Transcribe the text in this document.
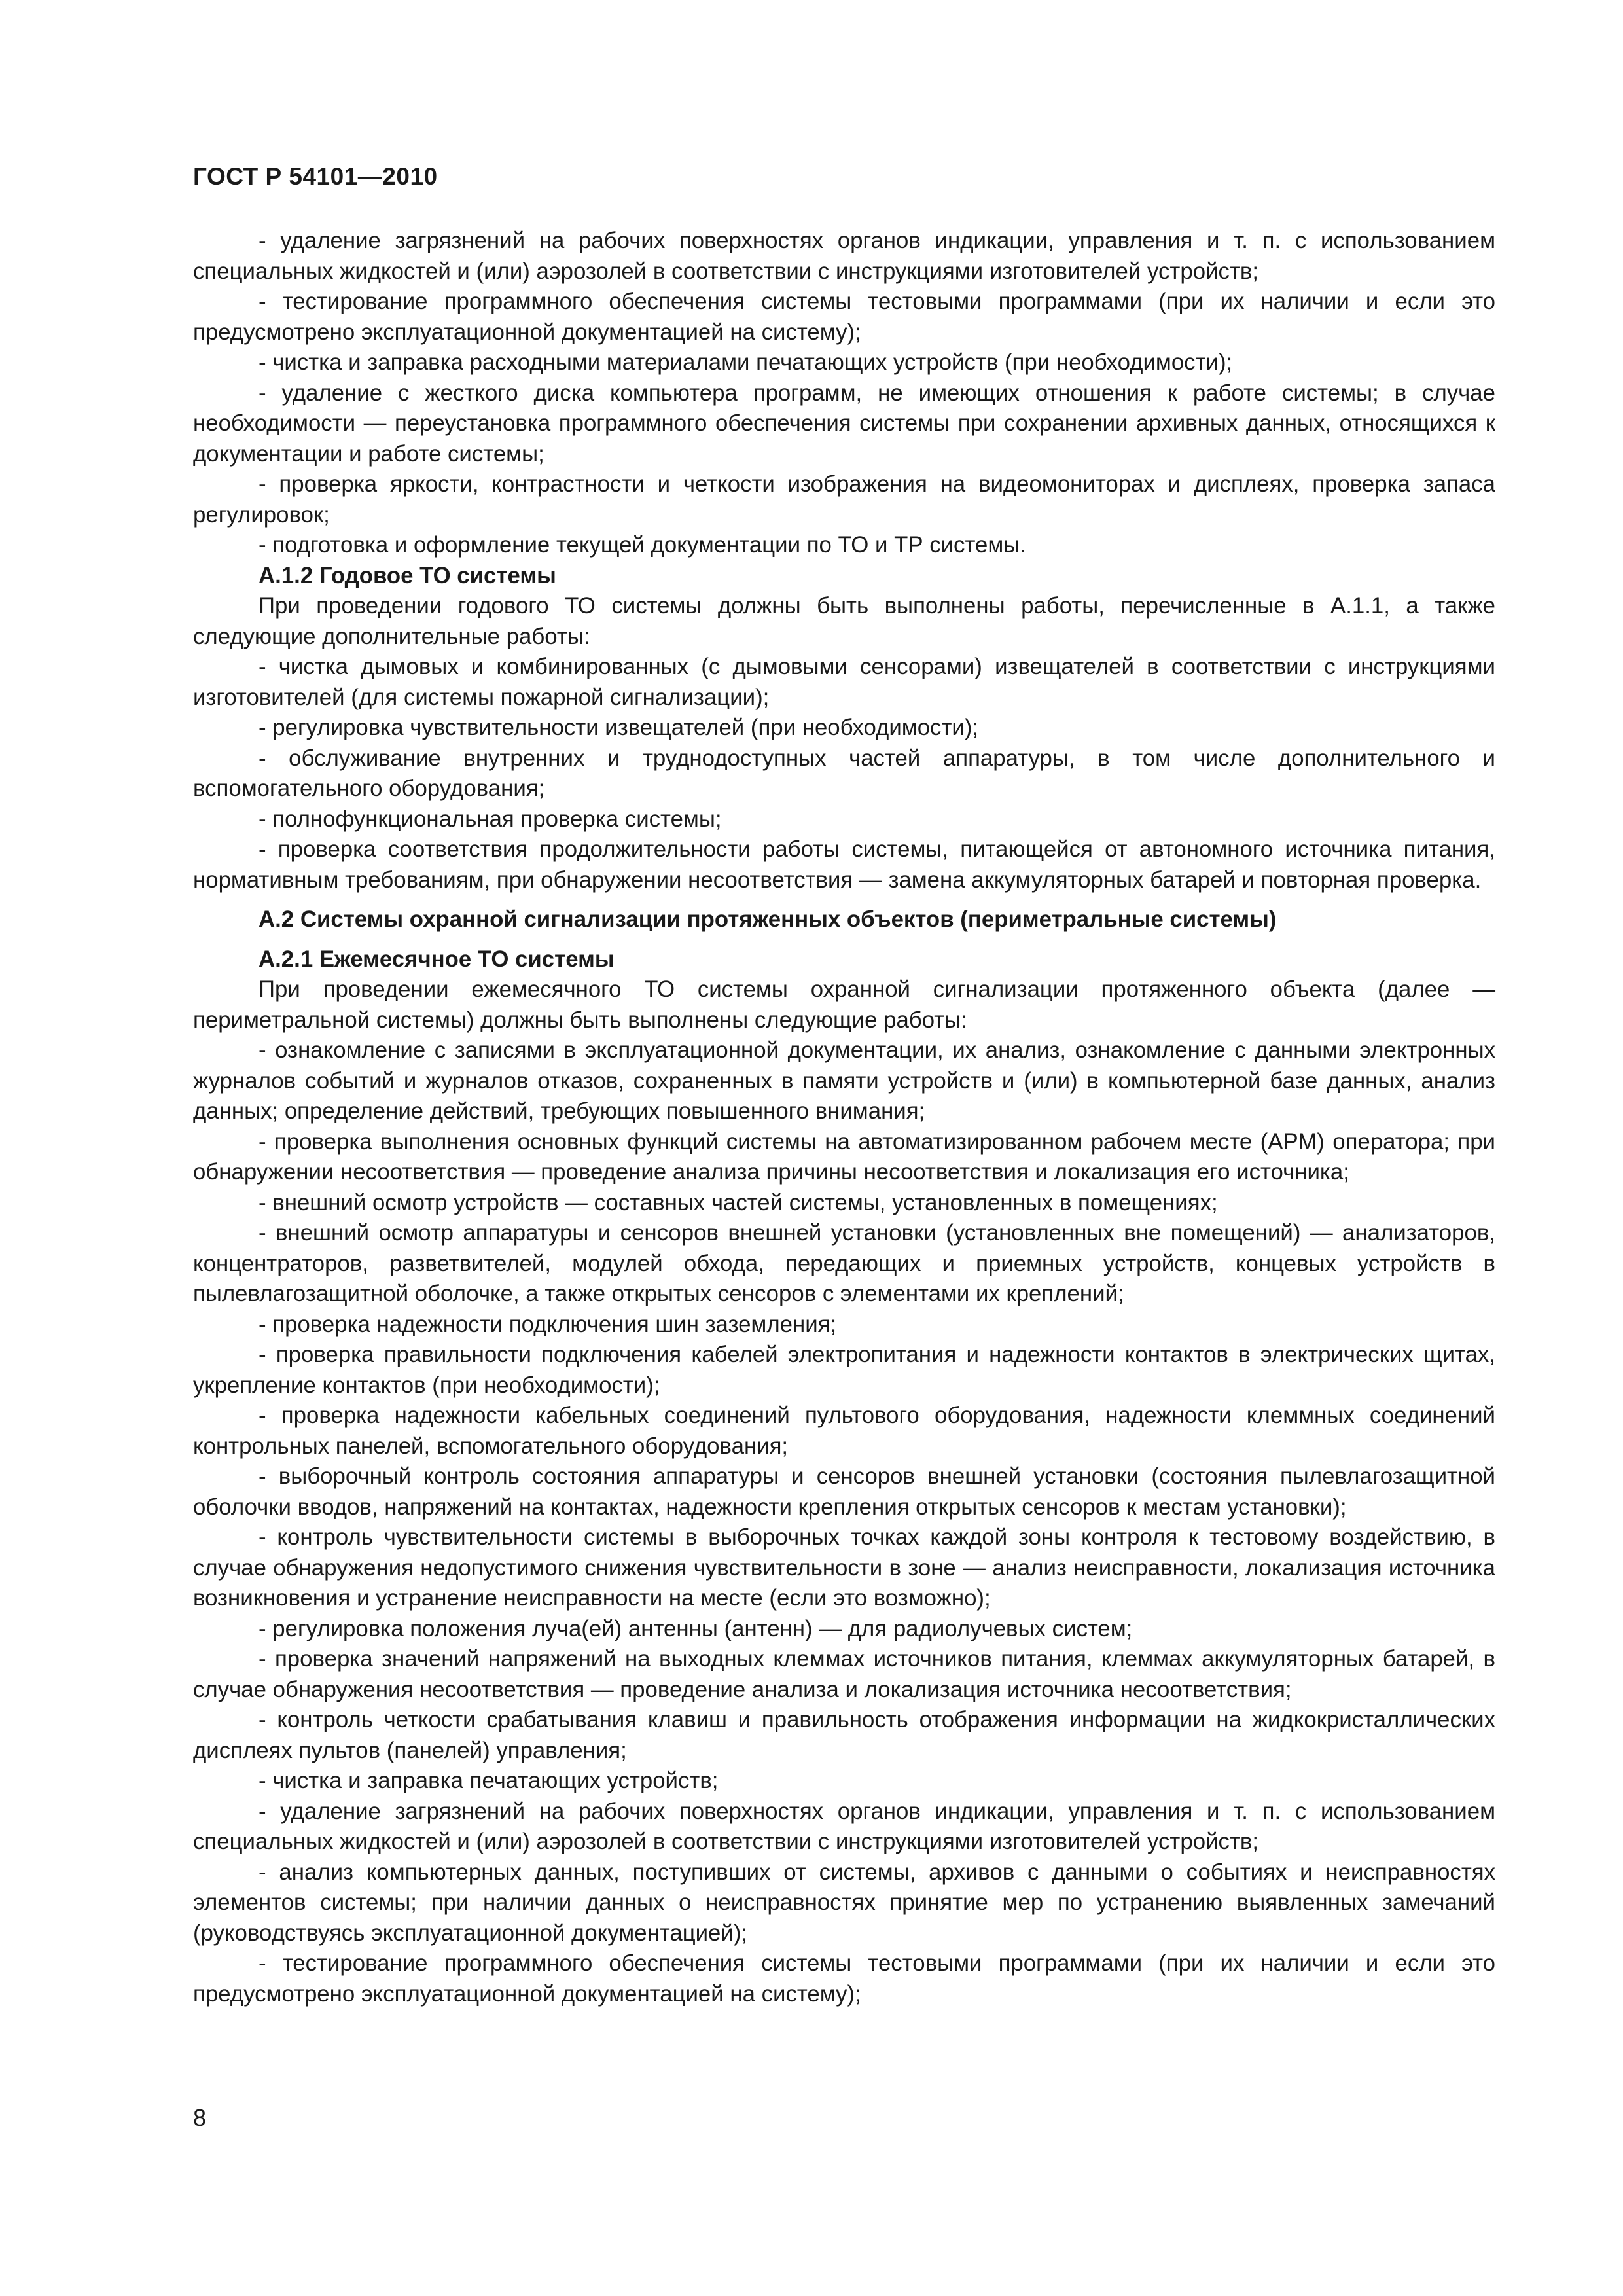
ГОСТ Р 54101—2010

- удаление загрязнений на рабочих поверхностях органов индикации, управления и т. п. с использованием специальных жидкостей и (или) аэрозолей в соответствии с инструкциями изготовителей устройств;

- тестирование программного обеспечения системы тестовыми программами (при их наличии и если это предусмотрено эксплуатационной документацией на систему);

- чистка и заправка расходными материалами печатающих устройств (при необходимости);

- удаление с жесткого диска компьютера программ, не имеющих отношения к работе системы; в случае необходимости — переустановка программного обеспечения системы при сохранении архивных данных, относящихся к документации и работе системы;

- проверка яркости, контрастности и четкости изображения на видеомониторах и дисплеях, проверка запаса регулировок;

- подготовка и оформление текущей документации по ТО и ТР системы.

А.1.2 Годовое ТО системы

При проведении годового ТО системы должны быть выполнены работы, перечисленные в А.1.1, а также следующие дополнительные работы:

- чистка дымовых и комбинированных (с дымовыми сенсорами) извещателей в соответствии с инструкциями изготовителей (для системы пожарной сигнализации);

- регулировка чувствительности извещателей (при необходимости);

- обслуживание внутренних и труднодоступных частей аппаратуры, в том числе дополнительного и вспомогательного оборудования;

- полнофункциональная проверка системы;

- проверка соответствия продолжительности работы системы, питающейся от автономного источника питания, нормативным требованиям, при обнаружении несоответствия — замена аккумуляторных батарей и повторная проверка.

А.2 Системы охранной сигнализации протяженных объектов (периметральные системы)

А.2.1 Ежемесячное ТО системы

При проведении ежемесячного ТО системы охранной сигнализации протяженного объекта (далее — периметральной системы) должны быть выполнены следующие работы:

- ознакомление с записями в эксплуатационной документации, их анализ, ознакомление с данными электронных журналов событий и журналов отказов, сохраненных в памяти устройств и (или) в компьютерной базе данных, анализ данных; определение действий, требующих повышенного внимания;

- проверка выполнения основных функций системы на автоматизированном рабочем месте (АРМ) оператора; при обнаружении несоответствия — проведение анализа причины несоответствия и локализация его источника;

- внешний осмотр устройств — составных частей системы, установленных в помещениях;

- внешний осмотр аппаратуры и сенсоров внешней установки (установленных вне помещений) — анализаторов, концентраторов, разветвителей, модулей обхода, передающих и приемных устройств, концевых устройств в пылевлагозащитной оболочке, а также открытых сенсоров с элементами их креплений;

- проверка надежности подключения шин заземления;

- проверка правильности подключения кабелей электропитания и надежности контактов в электрических щитах, укрепление контактов (при необходимости);

- проверка надежности кабельных соединений пультового оборудования, надежности клеммных соединений контрольных панелей, вспомогательного оборудования;

- выборочный контроль состояния аппаратуры и сенсоров внешней установки (состояния пылевлагозащитной оболочки вводов, напряжений на контактах, надежности крепления открытых сенсоров к местам установки);

- контроль чувствительности системы в выборочных точках каждой зоны контроля к тестовому воздействию, в случае обнаружения недопустимого снижения чувствительности в зоне — анализ неисправности, локализация источника возникновения и устранение неисправности на месте (если это возможно);

- регулировка положения луча(ей) антенны (антенн) — для радиолучевых систем;

- проверка значений напряжений на выходных клеммах источников питания, клеммах аккумуляторных батарей, в случае обнаружения несоответствия — проведение анализа и локализация источника несоответствия;

- контроль четкости срабатывания клавиш и правильность отображения информации на жидкокристаллических дисплеях пультов (панелей) управления;

- чистка и заправка печатающих устройств;

- удаление загрязнений на рабочих поверхностях органов индикации, управления и т. п. с использованием специальных жидкостей и (или) аэрозолей в соответствии с инструкциями изготовителей устройств;

- анализ компьютерных данных, поступивших от системы, архивов с данными о событиях и неисправностях элементов системы; при наличии данных о неисправностях принятие мер по устранению выявленных замечаний (руководствуясь эксплуатационной документацией);

- тестирование программного обеспечения системы тестовыми программами (при их наличии и если это предусмотрено эксплуатационной документацией на систему);

8
